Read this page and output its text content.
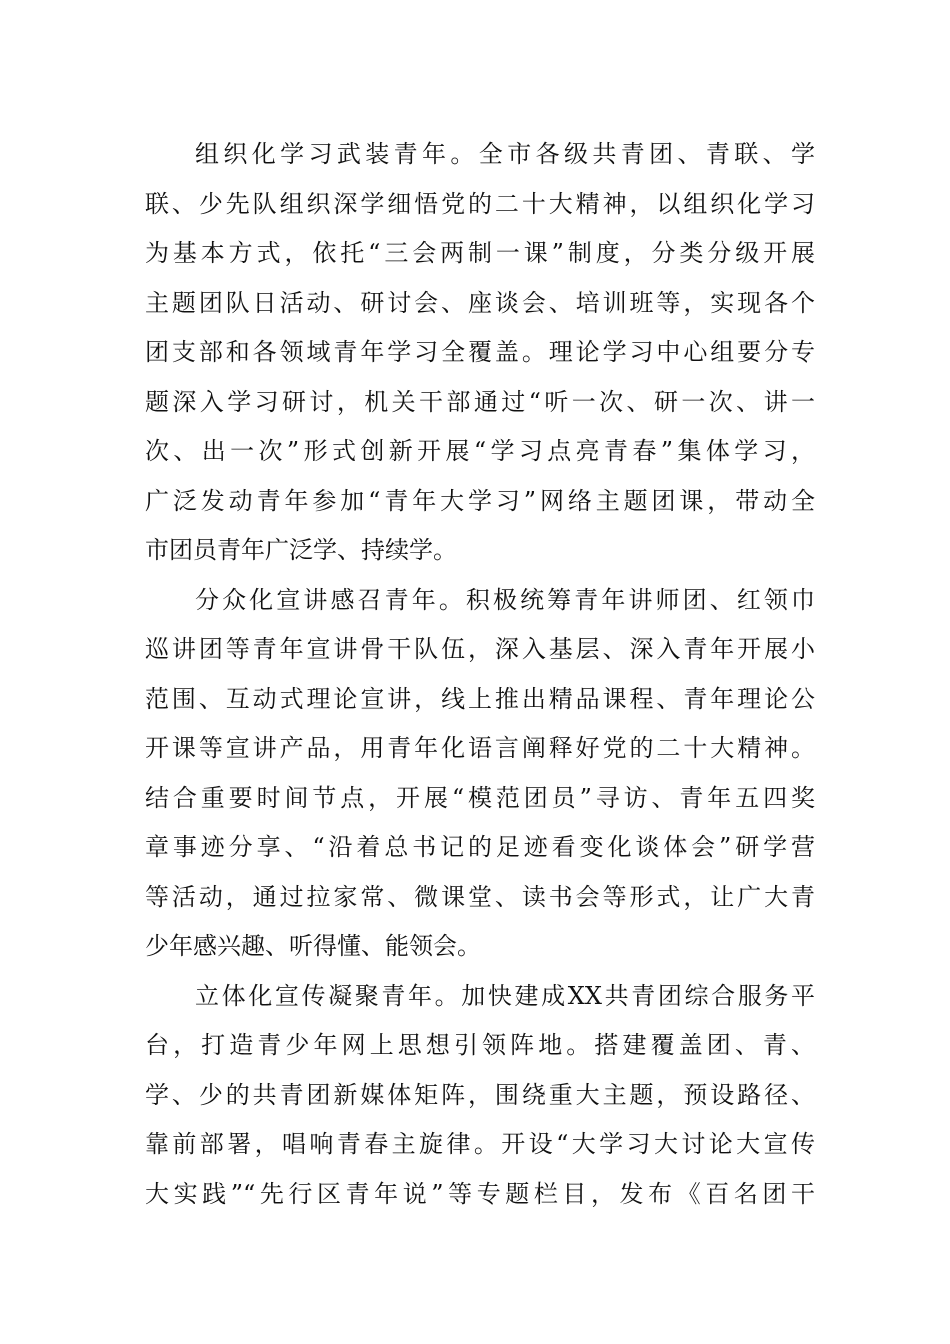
组织化学习武装青年。全市各级共青团、青联、学

联、少先队组织深学细悟党的二十大精神，以组织化学习

为基本方式，依托“三会两制一课”制度，分类分级开展

主题团队日活动、研讨会、座谈会、培训班等，实现各个

团支部和各领域青年学习全覆盖。理论学习中心组要分专

题深入学习研讨，机关干部通过“听一次、研一次、讲一

次、出一次”形式创新开展“学习点亮青春”集体学习，

广泛发动青年参加“青年大学习”网络主题团课，带动全

市团员青年广泛学、持续学。

分众化宣讲感召青年。积极统筹青年讲师团、红领巾

巡讲团等青年宣讲骨干队伍，深入基层、深入青年开展小

范围、互动式理论宣讲，线上推出精品课程、青年理论公

开课等宣讲产品，用青年化语言阐释好党的二十大精神。

结合重要时间节点，开展“模范团员”寻访、青年五四奖

章事迹分享、“沿着总书记的足迹看变化谈体会”研学营

等活动，通过拉家常、微课堂、读书会等形式，让广大青

少年感兴趣、听得懂、能领会。

立体化宣传凝聚青年。加快建成XX共青团综合服务平

台，打造青少年网上思想引领阵地。搭建覆盖团、青、

学、少的共青团新媒体矩阵，围绕重大主题，预设路径、

靠前部署，唱响青春主旋律。开设“大学习大讨论大宣传

大实践”“先行区青年说”等专题栏目，发布《百名团干
